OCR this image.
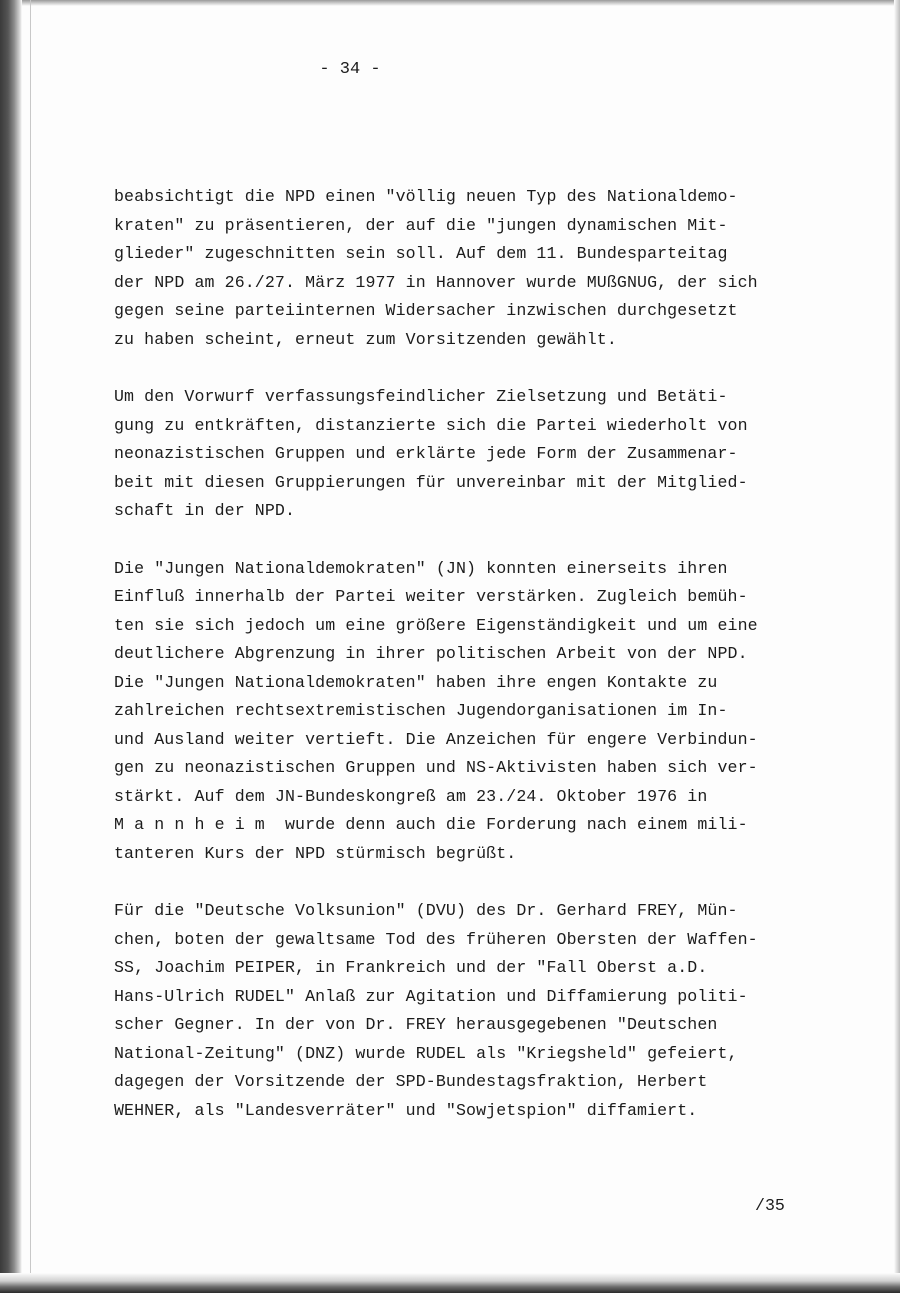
- 34 -
beabsichtigt die NPD einen "völlig neuen Typ des Nationaldemo-
kraten" zu präsentieren, der auf die "jungen dynamischen Mit-
glieder" zugeschnitten sein soll. Auf dem 11. Bundesparteitag
der NPD am 26./27. März 1977 in Hannover wurde MUßGNUG, der sich
gegen seine parteiinternen Widersacher inzwischen durchgesetzt
zu haben scheint, erneut zum Vorsitzenden gewählt.
Um den Vorwurf verfassungsfeindlicher Zielsetzung und Betäti-
gung zu entkräften, distanzierte sich die Partei wiederholt von
neonazistischen Gruppen und erklärte jede Form der Zusammenar-
beit mit diesen Gruppierungen für unvereinbar mit der Mitglied-
schaft in der NPD.
Die "Jungen Nationaldemokraten" (JN) konnten einerseits ihren
Einfluß innerhalb der Partei weiter verstärken. Zugleich bemüh-
ten sie sich jedoch um eine größere Eigenständigkeit und um eine
deutlichere Abgrenzung in ihrer politischen Arbeit von der NPD.
Die "Jungen Nationaldemokraten" haben ihre engen Kontakte zu
zahlreichen rechtsextremistischen Jugendorganisationen im In-
und Ausland weiter vertieft. Die Anzeichen für engere Verbindun-
gen zu neonazistischen Gruppen und NS-Aktivisten haben sich ver-
stärkt. Auf dem JN-Bundeskongreß am 23./24. Oktober 1976 in
M a n n h e i m  wurde denn auch die Forderung nach einem mili-
tanteren Kurs der NPD stürmisch begrüßt.
Für die "Deutsche Volksunion" (DVU) des Dr. Gerhard FREY, Mün-
chen, boten der gewaltsame Tod des früheren Obersten der Waffen-
SS, Joachim PEIPER, in Frankreich und der "Fall Oberst a.D.
Hans-Ulrich RUDEL" Anlaß zur Agitation und Diffamierung politi-
scher Gegner. In der von Dr. FREY herausgegebenen "Deutschen
National-Zeitung" (DNZ) wurde RUDEL als "Kriegsheld" gefeiert,
dagegen der Vorsitzende der SPD-Bundestagsfraktion, Herbert
WEHNER, als "Landesverräter" und "Sowjetspion" diffamiert.
/35
